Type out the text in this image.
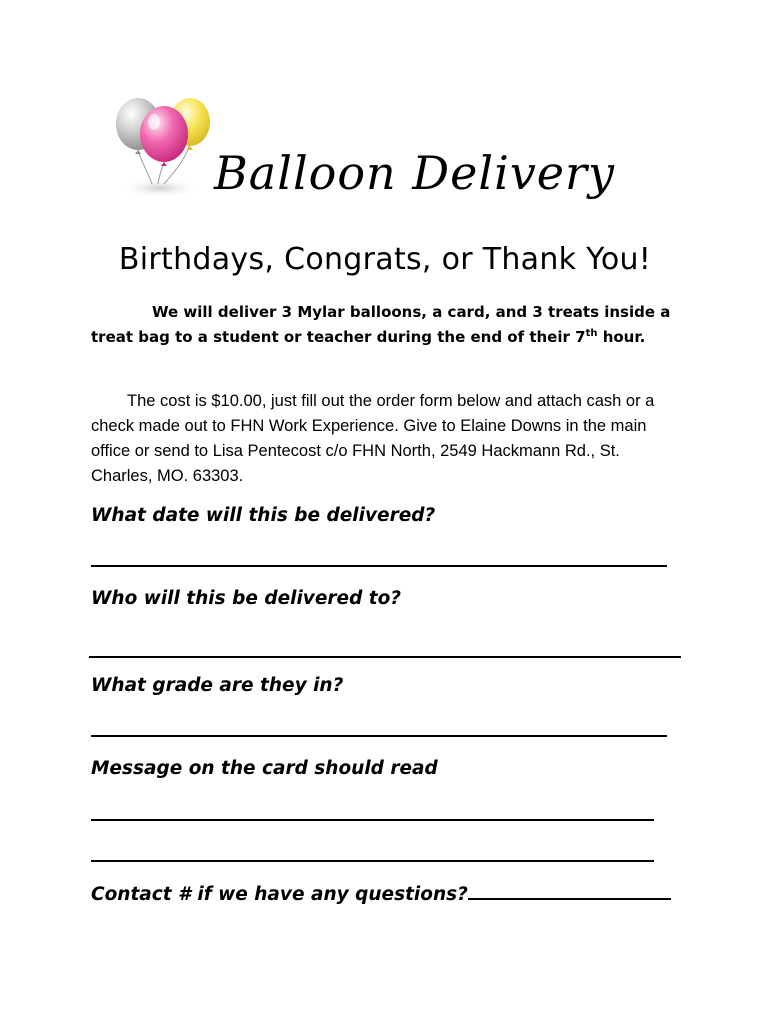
Balloon Delivery
Birthdays, Congrats, or Thank You!

We will deliver 3 Mylar balloons, a card, and 3 treats inside a treat bag to a student or teacher during the end of their 7th hour.

The cost is $10.00, just fill out the order form below and attach cash or a check made out to FHN Work Experience. Give to Elaine Downs in the main office or send to Lisa Pentecost c/o FHN North, 2549 Hackmann Rd., St. Charles, MO. 63303.

What date will this be delivered?

Who will this be delivered to?

What grade are they in?

Message on the card should read

Contact # if we have any questions?
